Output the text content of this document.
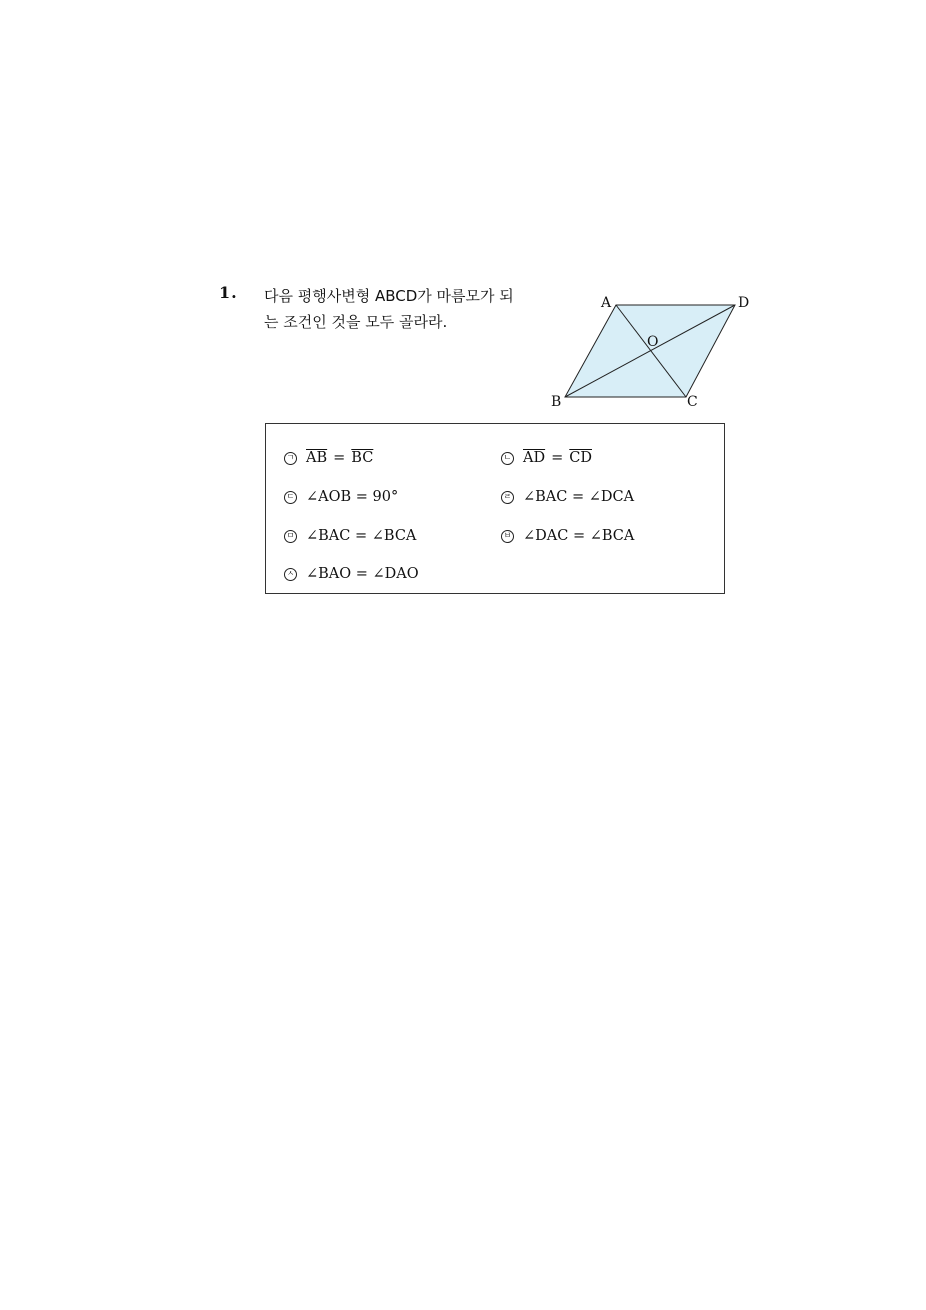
1. 다음 평행사변형 ABCD가 마름모가 되
는 조건인 것을 모두 골라라.
A	D
B	C
O
ㄱ $\overline{AB} = \overline{BC}$	ㄴ $\overline{AD} = \overline{CD}$
ㄷ ∠AOB = 90°	ㄹ ∠BAC = ∠DCA
ㅁ ∠BAC = ∠BCA	ㅂ ∠DAC = ∠BCA
ㅅ ∠BAO = ∠DAO
